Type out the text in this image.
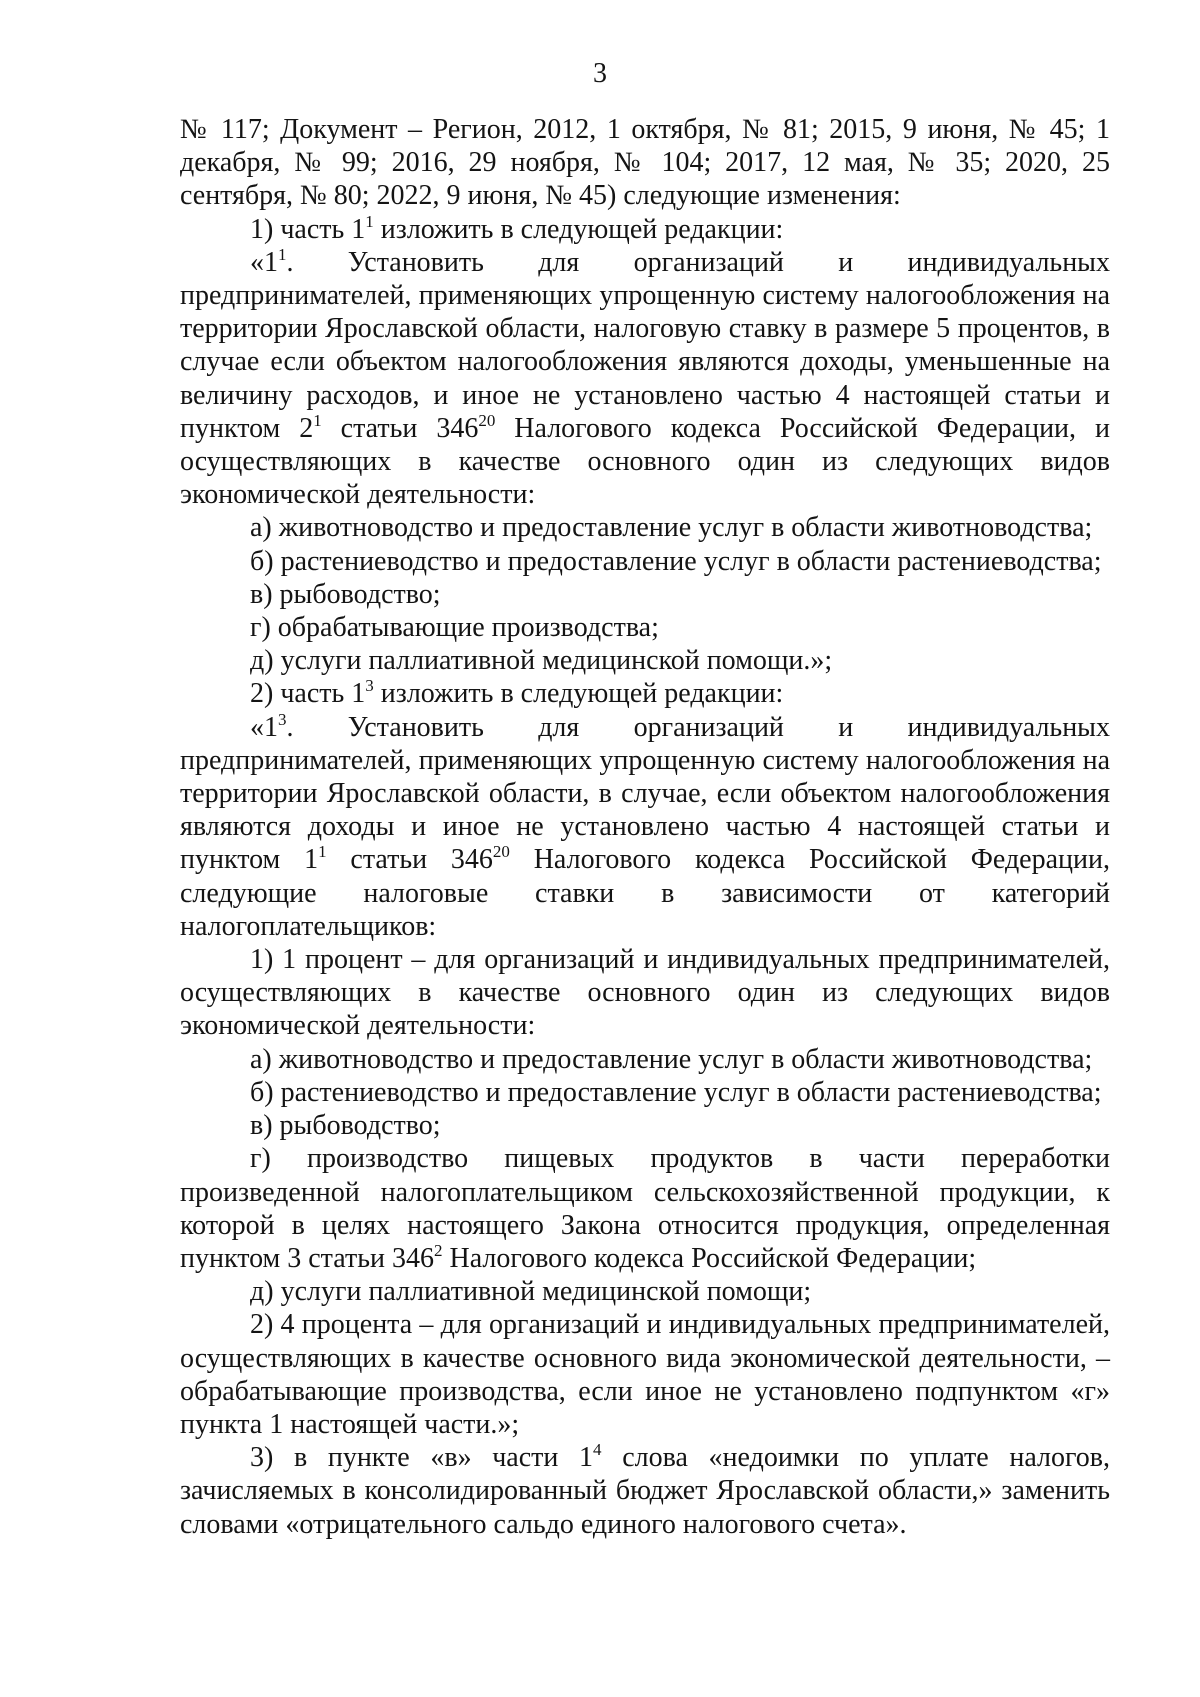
3

№ 117; Документ – Регион, 2012, 1 октября, № 81; 2015, 9 июня, № 45; 1 декабря, № 99; 2016, 29 ноября, № 104; 2017, 12 мая, № 35; 2020, 25 сентября, № 80; 2022, 9 июня, № 45) следующие изменения:

1) часть $1^1$ изложить в следующей редакции:

«$1^1$. Установить для организаций и индивидуальных предпринимателей, применяющих упрощенную систему налогообложения на территории Ярославской области, налоговую ставку в размере 5 процентов, в случае если объектом налогообложения являются доходы, уменьшенные на величину расходов, и иное не установлено частью 4 настоящей статьи и пунктом $2^1$ статьи $346^{20}$ Налогового кодекса Российской Федерации, и осуществляющих в качестве основного один из следующих видов экономической деятельности:

а) животноводство и предоставление услуг в области животноводства;

б) растениеводство и предоставление услуг в области растениеводства;

в) рыбоводство;

г) обрабатывающие производства;

д) услуги паллиативной медицинской помощи.»;

2) часть $1^3$ изложить в следующей редакции:

«$1^3$. Установить для организаций и индивидуальных предпринимателей, применяющих упрощенную систему налогообложения на территории Ярославской области, в случае, если объектом налогообложения являются доходы и иное не установлено частью 4 настоящей статьи и пунктом $1^1$ статьи $346^{20}$ Налогового кодекса Российской Федерации, следующие налоговые ставки в зависимости от категорий налогоплательщиков:

1) 1 процент – для организаций и индивидуальных предпринимателей, осуществляющих в качестве основного один из следующих видов экономической деятельности:

а) животноводство и предоставление услуг в области животноводства;

б) растениеводство и предоставление услуг в области растениеводства;

в) рыбоводство;

г) производство пищевых продуктов в части переработки произведенной налогоплательщиком сельскохозяйственной продукции, к которой в целях настоящего Закона относится продукция, определенная пунктом 3 статьи $346^2$ Налогового кодекса Российской Федерации;

д) услуги паллиативной медицинской помощи;

2) 4 процента – для организаций и индивидуальных предпринимателей, осуществляющих в качестве основного вида экономической деятельности, – обрабатывающие производства, если иное не установлено подпунктом «г» пункта 1 настоящей части.»;

3) в пункте «в» части $1^4$ слова «недоимки по уплате налогов, зачисляемых в консолидированный бюджет Ярославской области,» заменить словами «отрицательного сальдо единого налогового счета».
